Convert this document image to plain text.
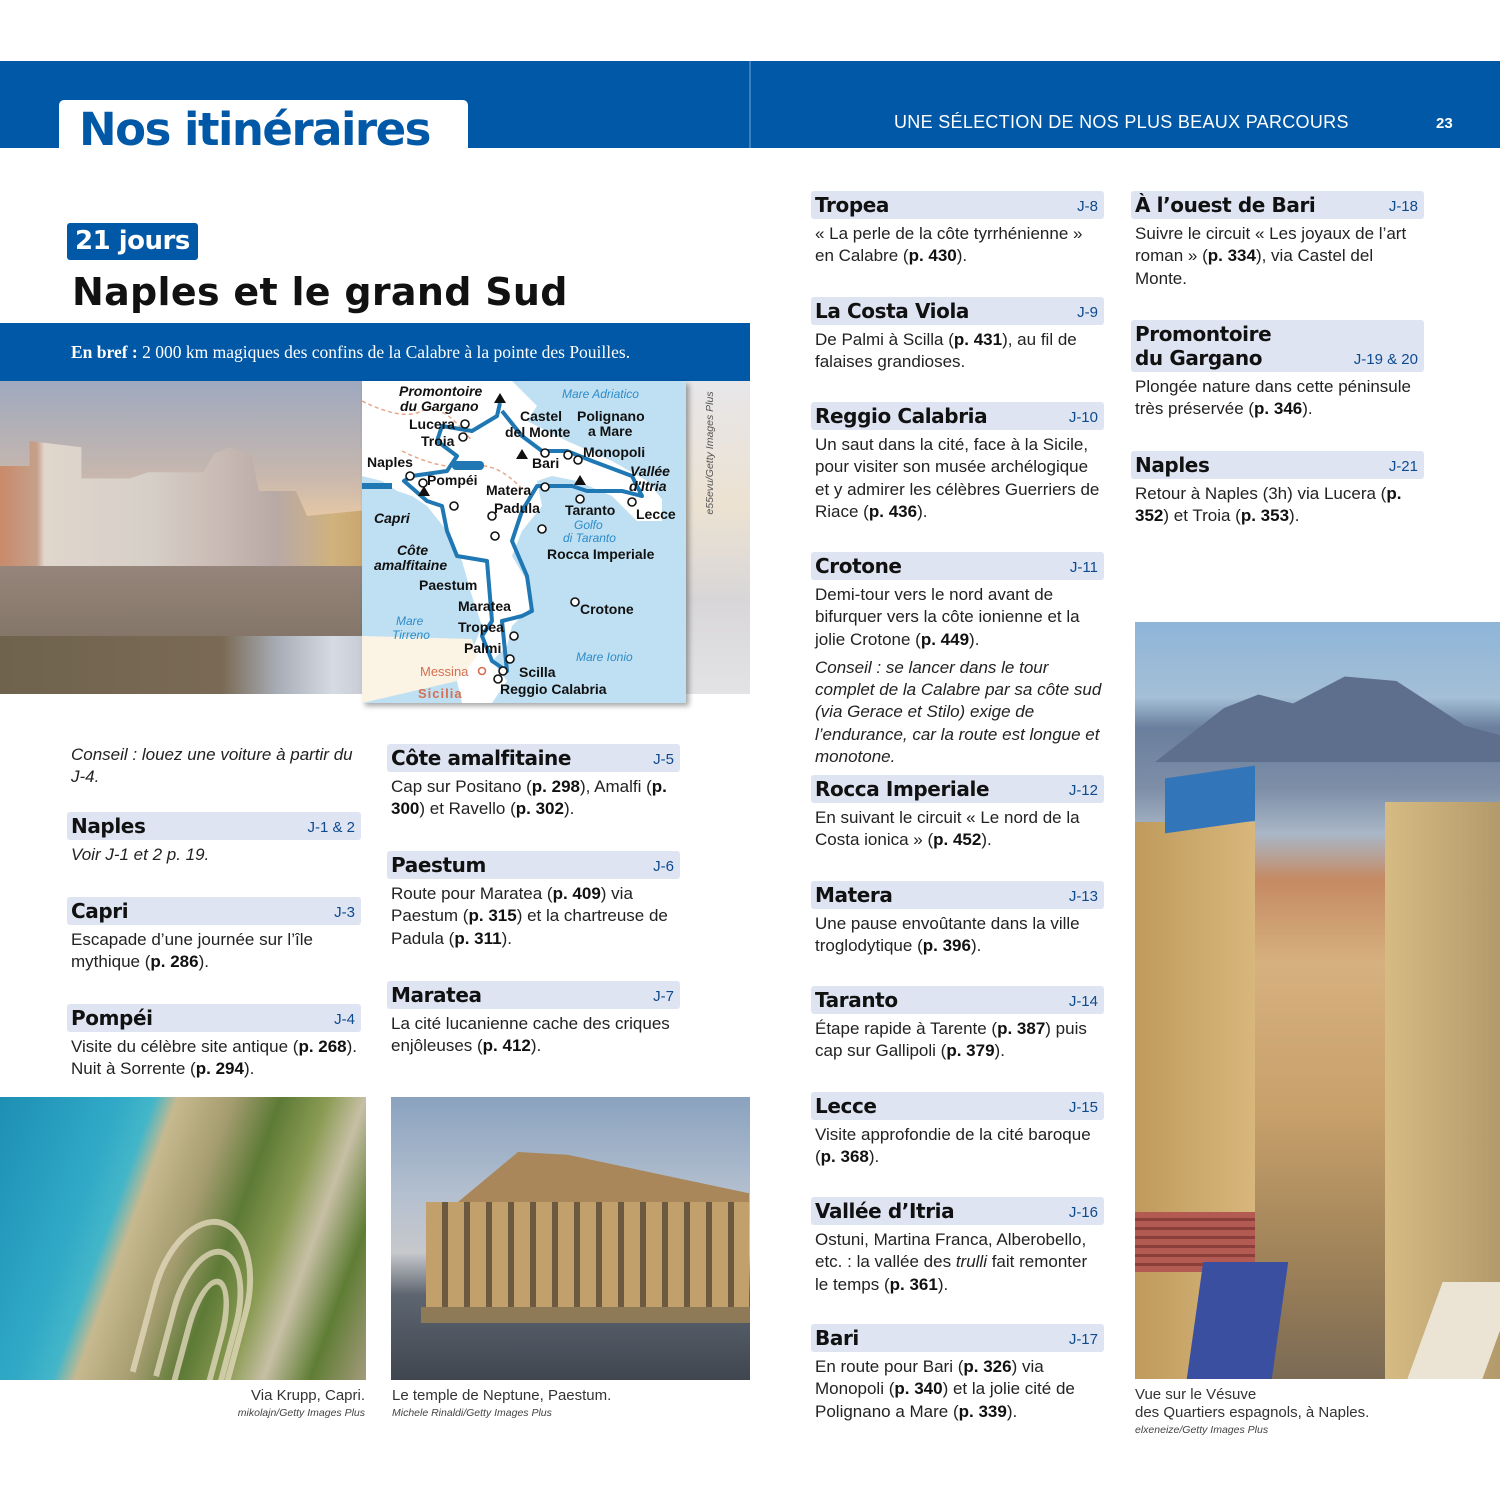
Nos itinéraires	UNE SÉLECTION DE NOS PLUS BEAUX PARCOURS	23
21 jours
Naples et le grand Sud
En bref : 2 000 km magiques des confins de la Calabre à la pointe des Pouilles.
e55evu/Getty Images Plus
Promontoire
du Gargano
Lucera
Troia
Castel
del Monte
Polignano
a Mare
Bari
Monopoli
Vallée
d'Itria
Naples
Pompéi
Matera
Padula Taranto Lecce
Capri
Côte
amalfitaine
Rocca Imperiale
Paestum
Maratea	Crotone
Tropea
Palmi
Scilla
Reggio Calabria
Messina
Sicilia
Mare Adriatico
Golfo
di Taranto
Mare
Tirreno
Mare Ionio
Conseil : louez une voiture à partir du J-4.
Naples	J-1 & 2
Voir J-1 et 2 p. 19.
Capri	J-3
Escapade d’une journée sur l’île mythique (p. 286).
Pompéi	J-4
Visite du célèbre site antique (p. 268). Nuit à Sorrente (p. 294).
Côte amalfitaine	J-5
Cap sur Positano (p. 298), Amalfi (p. 300) et Ravello (p. 302).
Paestum	J-6
Route pour Maratea (p. 409) via Paestum (p. 315) et la chartreuse de Padula (p. 311).
Maratea	J-7
La cité lucanienne cache des criques enjôleuses (p. 412).
Tropea	J-8
« La perle de la côte tyrrhénienne » en Calabre (p. 430).
La Costa Viola	J-9
De Palmi à Scilla (p. 431), au fil de falaises grandioses.
Reggio Calabria	J-10
Un saut dans la cité, face à la Sicile, pour visiter son musée archélogique et y admirer les célèbres Guerriers de Riace (p. 436).
Crotone	J-11
Demi-tour vers le nord avant de bifurquer vers la côte ionienne et la jolie Crotone (p. 449).
Conseil : se lancer dans le tour complet de la Calabre par sa côte sud (via Gerace et Stilo) exige de l’endurance, car la route est longue et monotone.
Rocca Imperiale	J-12
En suivant le circuit « Le nord de la Costa ionica » (p. 452).
Matera	J-13
Une pause envoûtante dans la ville troglodytique (p. 396).
Taranto	J-14
Étape rapide à Tarente (p. 387) puis cap sur Gallipoli (p. 379).
Lecce	J-15
Visite approfondie de la cité baroque (p. 368).
Vallée d’Itria	J-16
Ostuni, Martina Franca, Alberobello, etc. : la vallée des trulli fait remonter le temps (p. 361).
Bari	J-17
En route pour Bari (p. 326) via Monopoli (p. 340) et la jolie cité de Polignano a Mare (p. 339).
À l’ouest de Bari	J-18
Suivre le circuit « Les joyaux de l’art roman » (p. 334), via Castel del Monte.
Promontoire
du Gargano	J-19 & 20
Plongée nature dans cette péninsule très préservée (p. 346).
Naples	J-21
Retour à Naples (3h) via Lucera (p. 352) et Troia (p. 353).
Via Krupp, Capri.
mikolajn/Getty Images Plus
Le temple de Neptune, Paestum.
Michele Rinaldi/Getty Images Plus
Vue sur le Vésuve
des Quartiers espagnols, à Naples.
elxeneize/Getty Images Plus
